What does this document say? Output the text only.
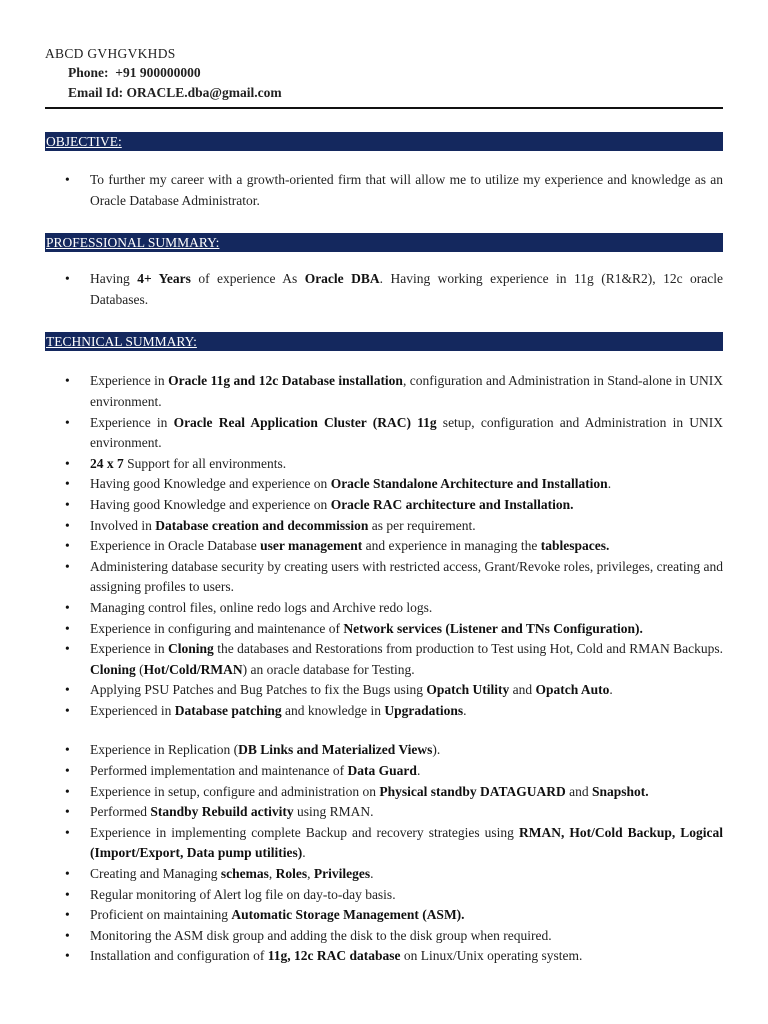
ABCD GVHGVKHDS

Phone: +91 900000000
Email Id: ORACLE.dba@gmail.com
OBJECTIVE:
• To further my career with a growth-oriented firm that will allow me to utilize my experience and knowledge as an Oracle Database Administrator.
PROFESSIONAL SUMMARY:
• Having 4+ Years of experience As Oracle DBA. Having working experience in 11g (R1&R2), 12c oracle Databases.
TECHNICAL SUMMARY:
• Experience in Oracle 11g and 12c Database installation, configuration and Administration in Stand-alone in UNIX environment.
• Experience in Oracle Real Application Cluster (RAC) 11g setup, configuration and Administration in UNIX environment.
• 24 x 7 Support for all environments.
• Having good Knowledge and experience on Oracle Standalone Architecture and Installation.
• Having good Knowledge and experience on Oracle RAC architecture and Installation.
• Involved in Database creation and decommission as per requirement.
• Experience in Oracle Database user management and experience in managing the tablespaces.
• Administering database security by creating users with restricted access, Grant/Revoke roles, privileges, creating and assigning profiles to users.
• Managing control files, online redo logs and Archive redo logs.
• Experience in configuring and maintenance of Network services (Listener and TNs Configuration).
• Experience in Cloning the databases and Restorations from production to Test using Hot, Cold and RMAN Backups. Cloning (Hot/Cold/RMAN) an oracle database for Testing.
• Applying PSU Patches and Bug Patches to fix the Bugs using Opatch Utility and Opatch Auto.
• Experienced in Database patching and knowledge in Upgradations.
• Experience in Replication (DB Links and Materialized Views).
• Performed implementation and maintenance of Data Guard.
• Experience in setup, configure and administration on Physical standby DATAGUARD and Snapshot.
• Performed Standby Rebuild activity using RMAN.
• Experience in implementing complete Backup and recovery strategies using RMAN, Hot/Cold Backup, Logical (Import/Export, Data pump utilities).
• Creating and Managing schemas, Roles, Privileges.
• Regular monitoring of Alert log file on day-to-day basis.
• Proficient on maintaining Automatic Storage Management (ASM).
• Monitoring the ASM disk group and adding the disk to the disk group when required.
• Installation and configuration of 11g, 12c RAC database on Linux/Unix operating system.
